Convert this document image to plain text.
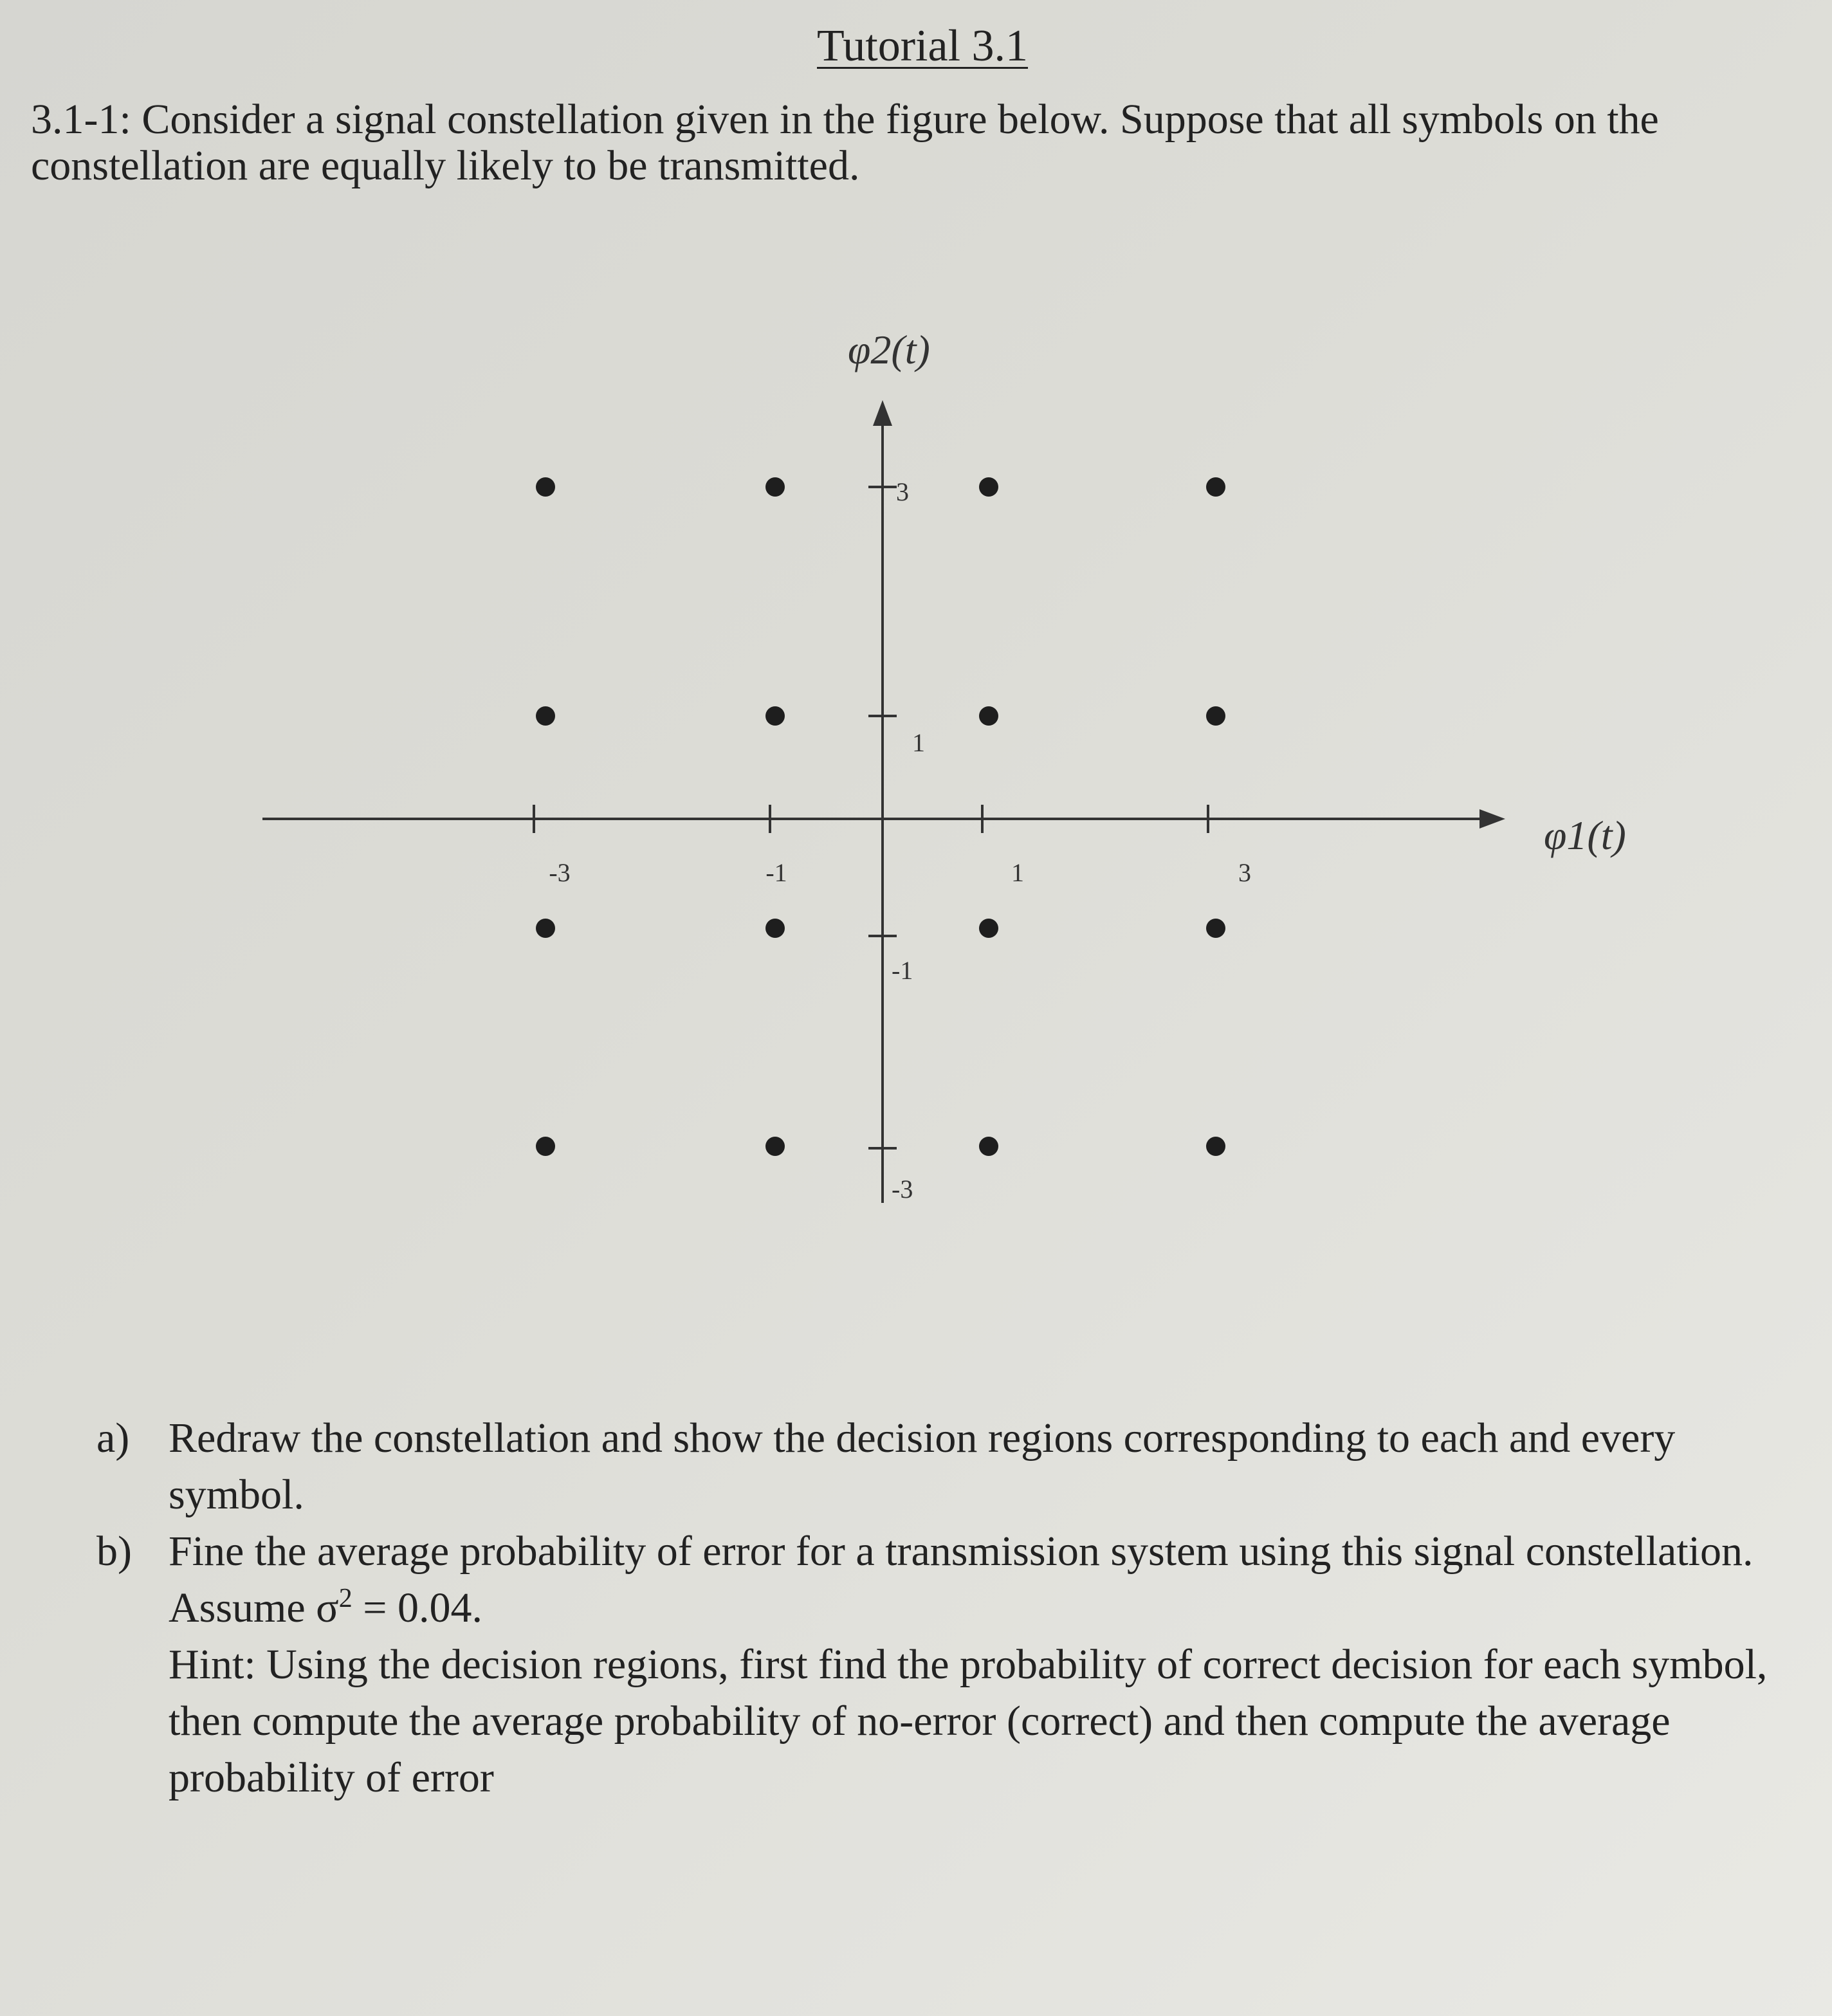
Tutorial 3.1

3.1-1: Consider a signal constellation given in the figure below. Suppose that all symbols on the constellation are equally likely to be transmitted.

-3	-1	1	3
3
1
-1
-3
φ2(t)
φ1(t)
a) Redraw the constellation and show the decision regions corresponding to each and every symbol.
b) Fine the average probability of error for a transmission system using this signal constellation. Assume $\sigma^2 = 0.04$.
Hint: Using the decision regions, first find the probability of correct decision for each symbol, then compute the average probability of no-error (correct) and then compute the average probability of error
